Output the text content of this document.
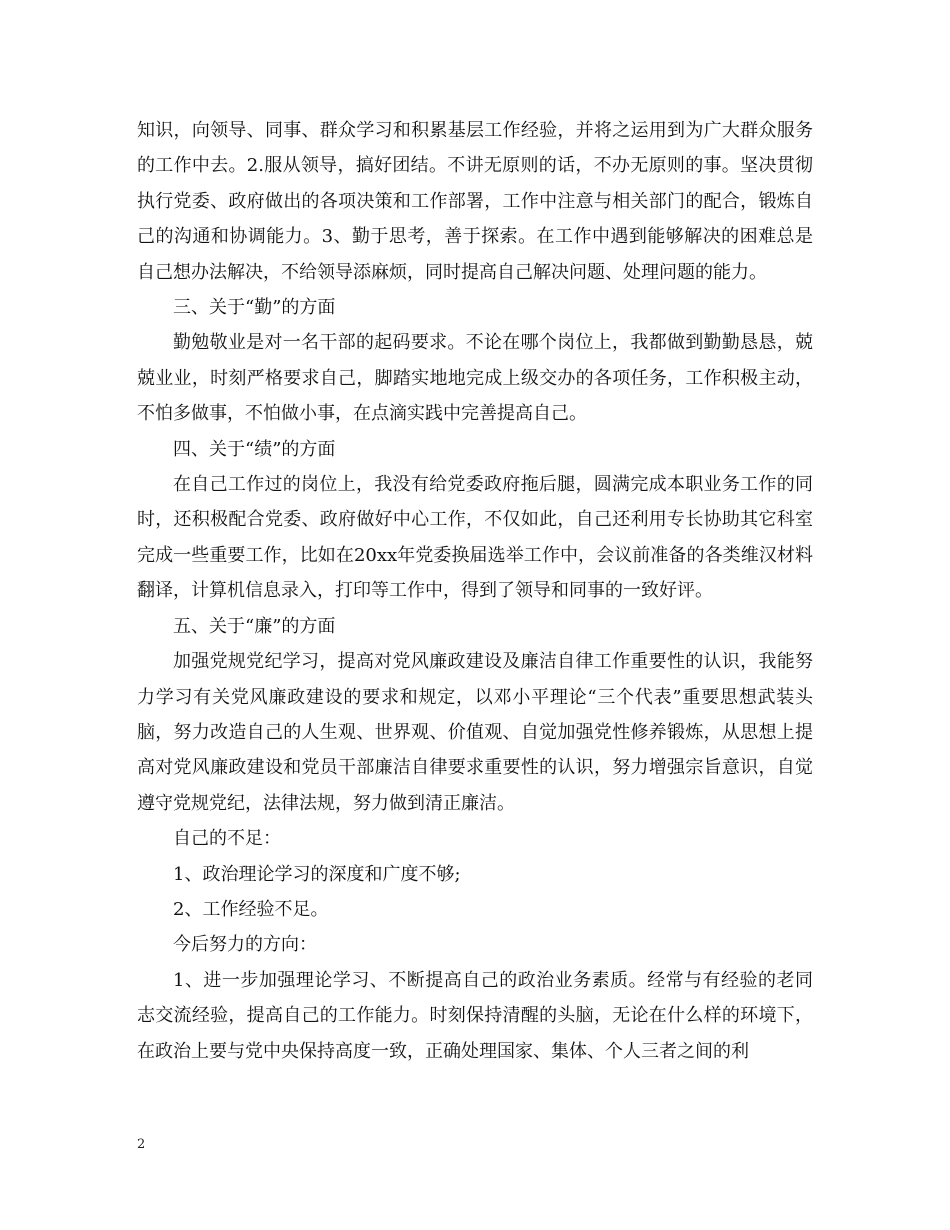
知识，向领导、同事、群众学习和积累基层工作经验，并将之运用到为广大群众服务的工作中去。2.服从领导，搞好团结。不讲无原则的话，不办无原则的事。坚决贯彻执行党委、政府做出的各项决策和工作部署，工作中注意与相关部门的配合，锻炼自己的沟通和协调能力。3、勤于思考，善于探索。在工作中遇到能够解决的困难总是自己想办法解决，不给领导添麻烦，同时提高自己解决问题、处理问题的能力。

三、关于“勤”的方面

勤勉敬业是对一名干部的起码要求。不论在哪个岗位上，我都做到勤勤恳恳，兢兢业业，时刻严格要求自己，脚踏实地地完成上级交办的各项任务，工作积极主动，不怕多做事，不怕做小事，在点滴实践中完善提高自己。

四、关于“绩”的方面

在自己工作过的岗位上，我没有给党委政府拖后腿，圆满完成本职业务工作的同时，还积极配合党委、政府做好中心工作，不仅如此，自己还利用专长协助其它科室完成一些重要工作，比如在20xx年党委换届选举工作中，会议前准备的各类维汉材料翻译，计算机信息录入，打印等工作中，得到了领导和同事的一致好评。

五、关于“廉”的方面

加强党规党纪学习，提高对党风廉政建设及廉洁自律工作重要性的认识，我能努力学习有关党风廉政建设的要求和规定，以邓小平理论“三个代表”重要思想武装头脑，努力改造自己的人生观、世界观、价值观、自觉加强党性修养锻炼，从思想上提高对党风廉政建设和党员干部廉洁自律要求重要性的认识，努力增强宗旨意识，自觉遵守党规党纪，法律法规，努力做到清正廉洁。

自己的不足：

1、政治理论学习的深度和广度不够;

2、工作经验不足。

今后努力的方向：

1、进一步加强理论学习、不断提高自己的政治业务素质。经常与有经验的老同志交流经验，提高自己的工作能力。时刻保持清醒的头脑，无论在什么样的环境下，在政治上要与党中央保持高度一致，正确处理国家、集体、个人三者之间的利

2
